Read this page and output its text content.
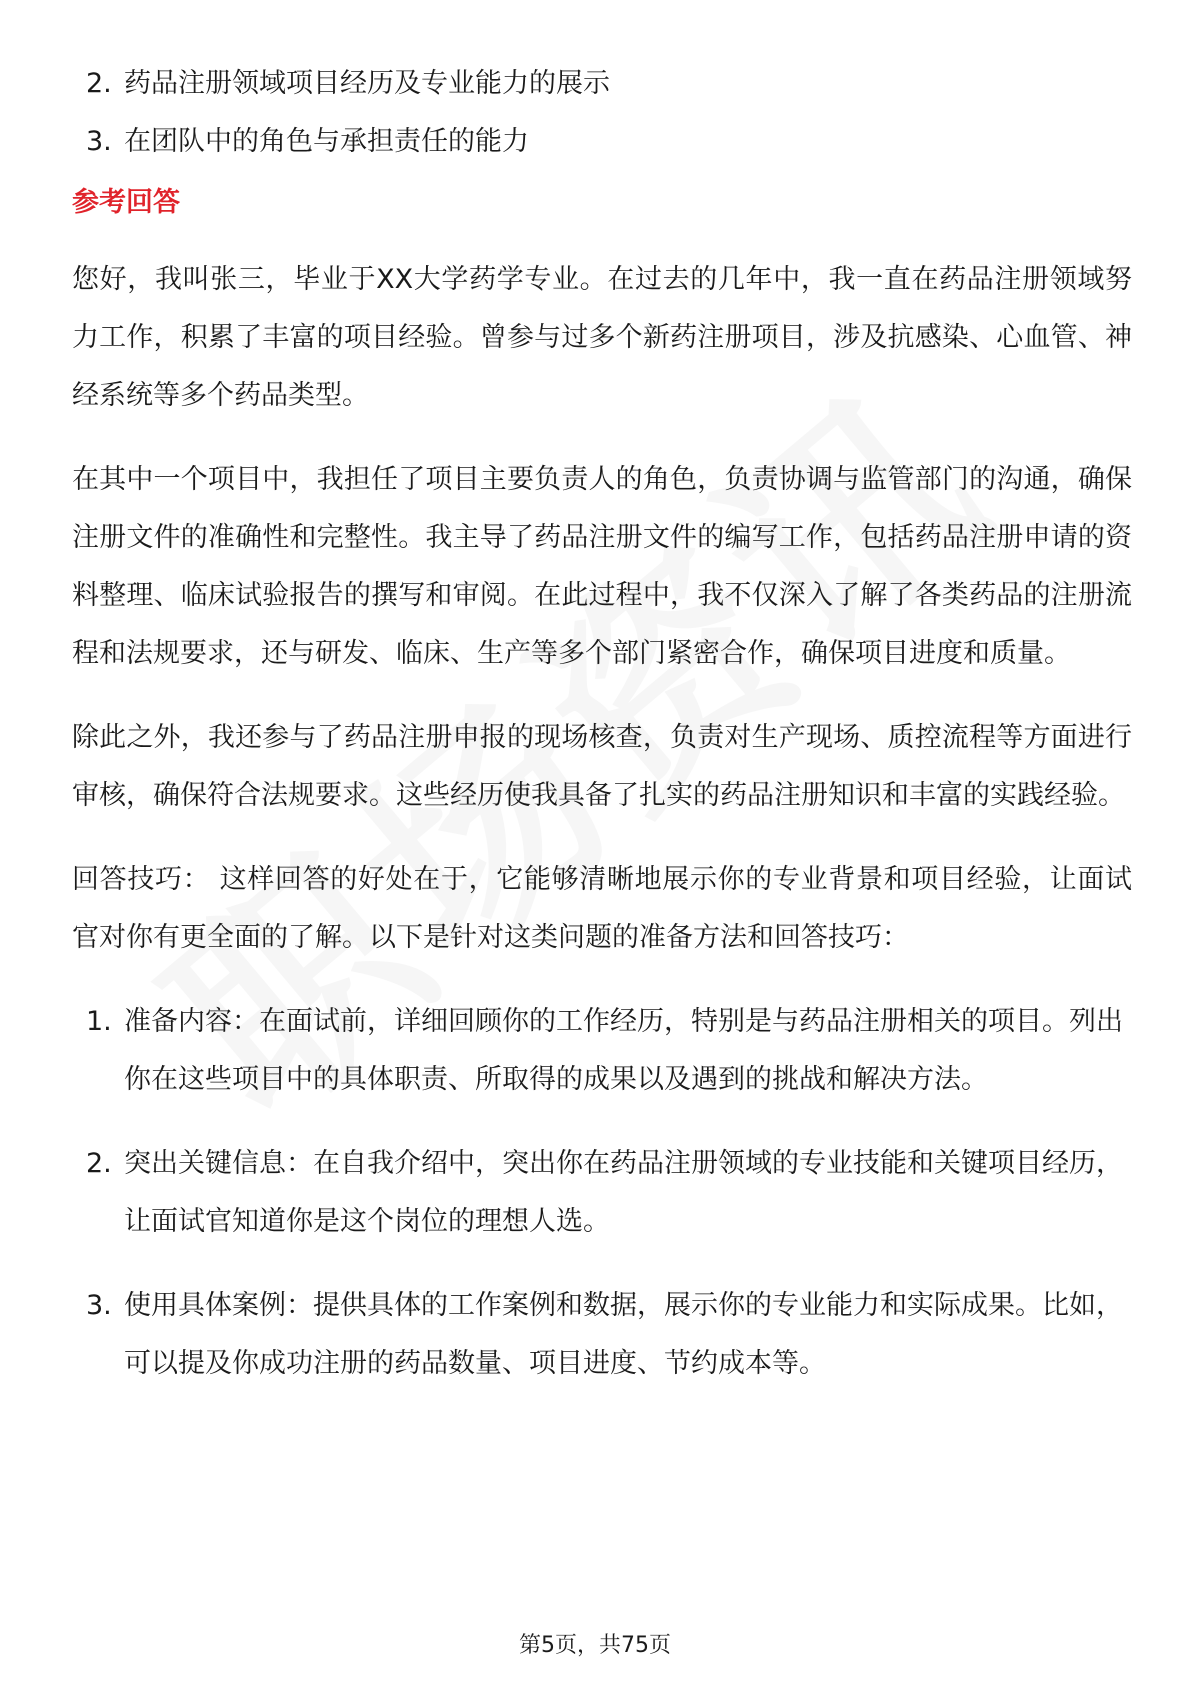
2. 药品注册领域项目经历及专业能力的展示
3. 在团队中的角色与承担责任的能力
参考回答

您好，我叫张三，毕业于XX大学药学专业。在过去的几年中，我一直在药品注册领域努力工作，积累了丰富的项目经验。曾参与过多个新药注册项目，涉及抗感染、心血管、神经系统等多个药品类型。

在其中一个项目中，我担任了项目主要负责人的角色，负责协调与监管部门的沟通，确保注册文件的准确性和完整性。我主导了药品注册文件的编写工作，包括药品注册申请的资料整理、临床试验报告的撰写和审阅。在此过程中，我不仅深入了解了各类药品的注册流程和法规要求，还与研发、临床、生产等多个部门紧密合作，确保项目进度和质量。

除此之外，我还参与了药品注册申报的现场核查，负责对生产现场、质控流程等方面进行审核，确保符合法规要求。这些经历使我具备了扎实的药品注册知识和丰富的实践经验。

回答技巧： 这样回答的好处在于，它能够清晰地展示你的专业背景和项目经验，让面试官对你有更全面的了解。以下是针对这类问题的准备方法和回答技巧：

1. 准备内容：在面试前，详细回顾你的工作经历，特别是与药品注册相关的项目。列出你在这些项目中的具体职责、所取得的成果以及遇到的挑战和解决方法。
2. 突出关键信息：在自我介绍中，突出你在药品注册领域的专业技能和关键项目经历，让面试官知道你是这个岗位的理想人选。
3. 使用具体案例：提供具体的工作案例和数据，展示你的专业能力和实际成果。比如，可以提及你成功注册的药品数量、项目进度、节约成本等。
第5页，共75页
